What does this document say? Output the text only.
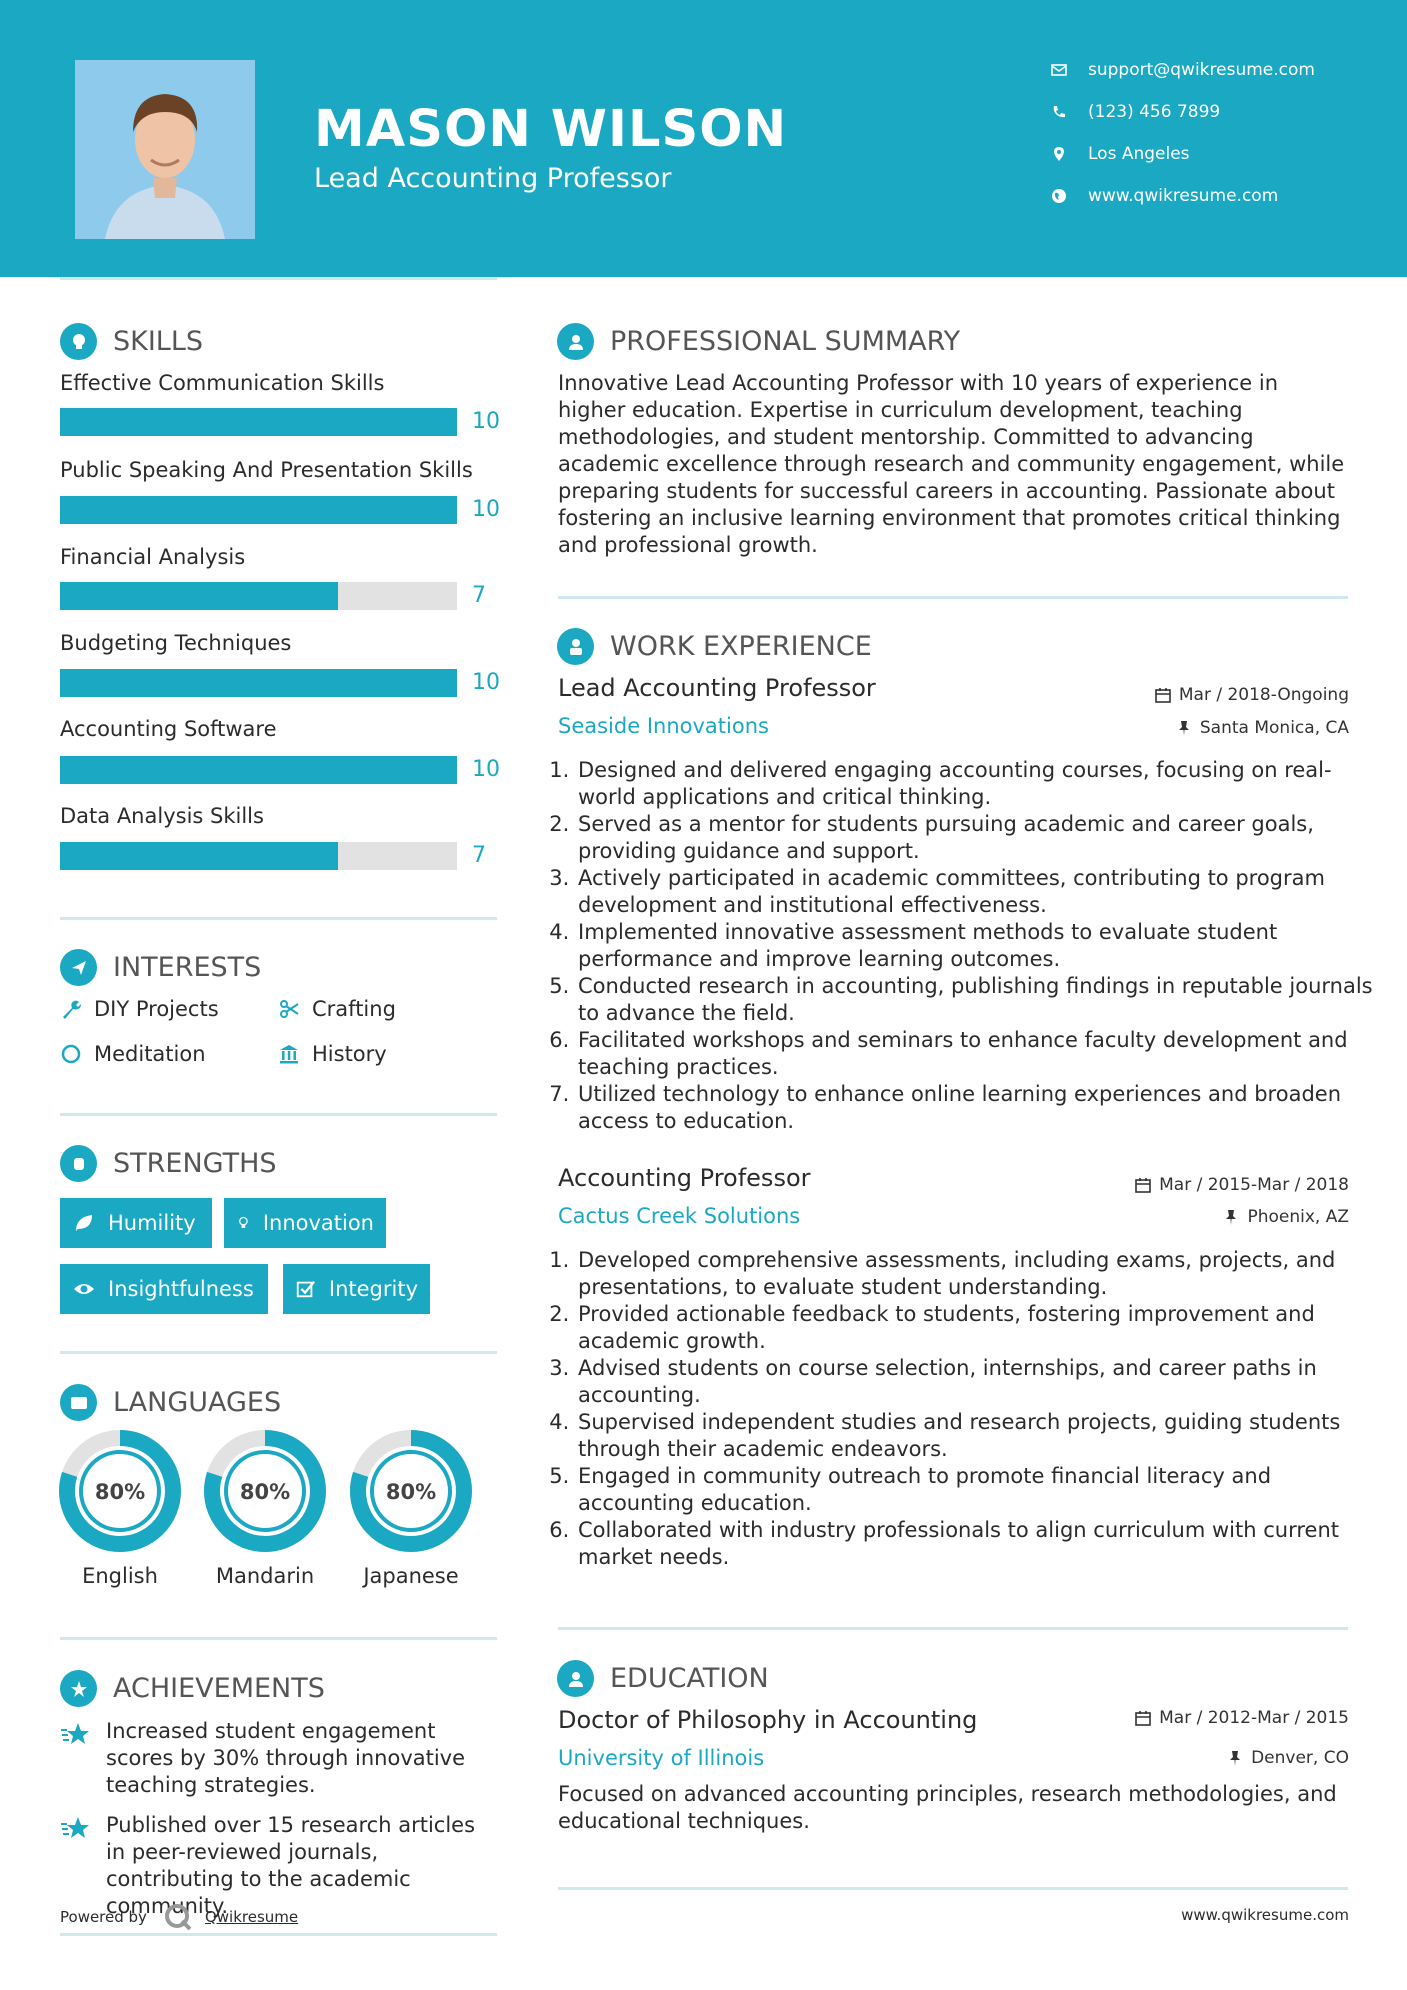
MASON WILSON
Lead Accounting Professor
support@qwikresume.com
(123) 456 7899
Los Angeles
www.qwikresume.com
SKILLS
Effective Communication Skills
10
Public Speaking And Presentation Skills
10
Financial Analysis
7
Budgeting Techniques
10
Accounting Software
10
Data Analysis Skills
7
INTERESTS
DIY Projects	Crafting
Meditation	History
STRENGTHS
Humility	Innovation
Insightfulness	Integrity
LANGUAGES
80%
English
80%
Mandarin
80%
Japanese
ACHIEVEMENTS
Increased student engagement scores by 30% through innovative teaching strategies.
Published over 15 research articles in peer-reviewed journals, contributing to the academic community.
Powered by	Qwikresume
PROFESSIONAL SUMMARY
Innovative Lead Accounting Professor with 10 years of experience in higher education. Expertise in curriculum development, teaching methodologies, and student mentorship. Committed to advancing academic excellence through research and community engagement, while preparing students for successful careers in accounting. Passionate about fostering an inclusive learning environment that promotes critical thinking and professional growth.
WORK EXPERIENCE
Lead Accounting Professor	Mar / 2018-Ongoing
Seaside Innovations	Santa Monica, CA
1. Designed and delivered engaging accounting courses, focusing on real-world applications and critical thinking.
2. Served as a mentor for students pursuing academic and career goals, providing guidance and support.
3. Actively participated in academic committees, contributing to program development and institutional effectiveness.
4. Implemented innovative assessment methods to evaluate student performance and improve learning outcomes.
5. Conducted research in accounting, publishing findings in reputable journals to advance the field.
6. Facilitated workshops and seminars to enhance faculty development and teaching practices.
7. Utilized technology to enhance online learning experiences and broaden access to education.
Accounting Professor	Mar / 2015-Mar / 2018
Cactus Creek Solutions	Phoenix, AZ
1. Developed comprehensive assessments, including exams, projects, and presentations, to evaluate student understanding.
2. Provided actionable feedback to students, fostering improvement and academic growth.
3. Advised students on course selection, internships, and career paths in accounting.
4. Supervised independent studies and research projects, guiding students through their academic endeavors.
5. Engaged in community outreach to promote financial literacy and accounting education.
6. Collaborated with industry professionals to align curriculum with current market needs.
EDUCATION
Doctor of Philosophy in Accounting	Mar / 2012-Mar / 2015
University of Illinois	Denver, CO
Focused on advanced accounting principles, research methodologies, and educational techniques.
www.qwikresume.com
